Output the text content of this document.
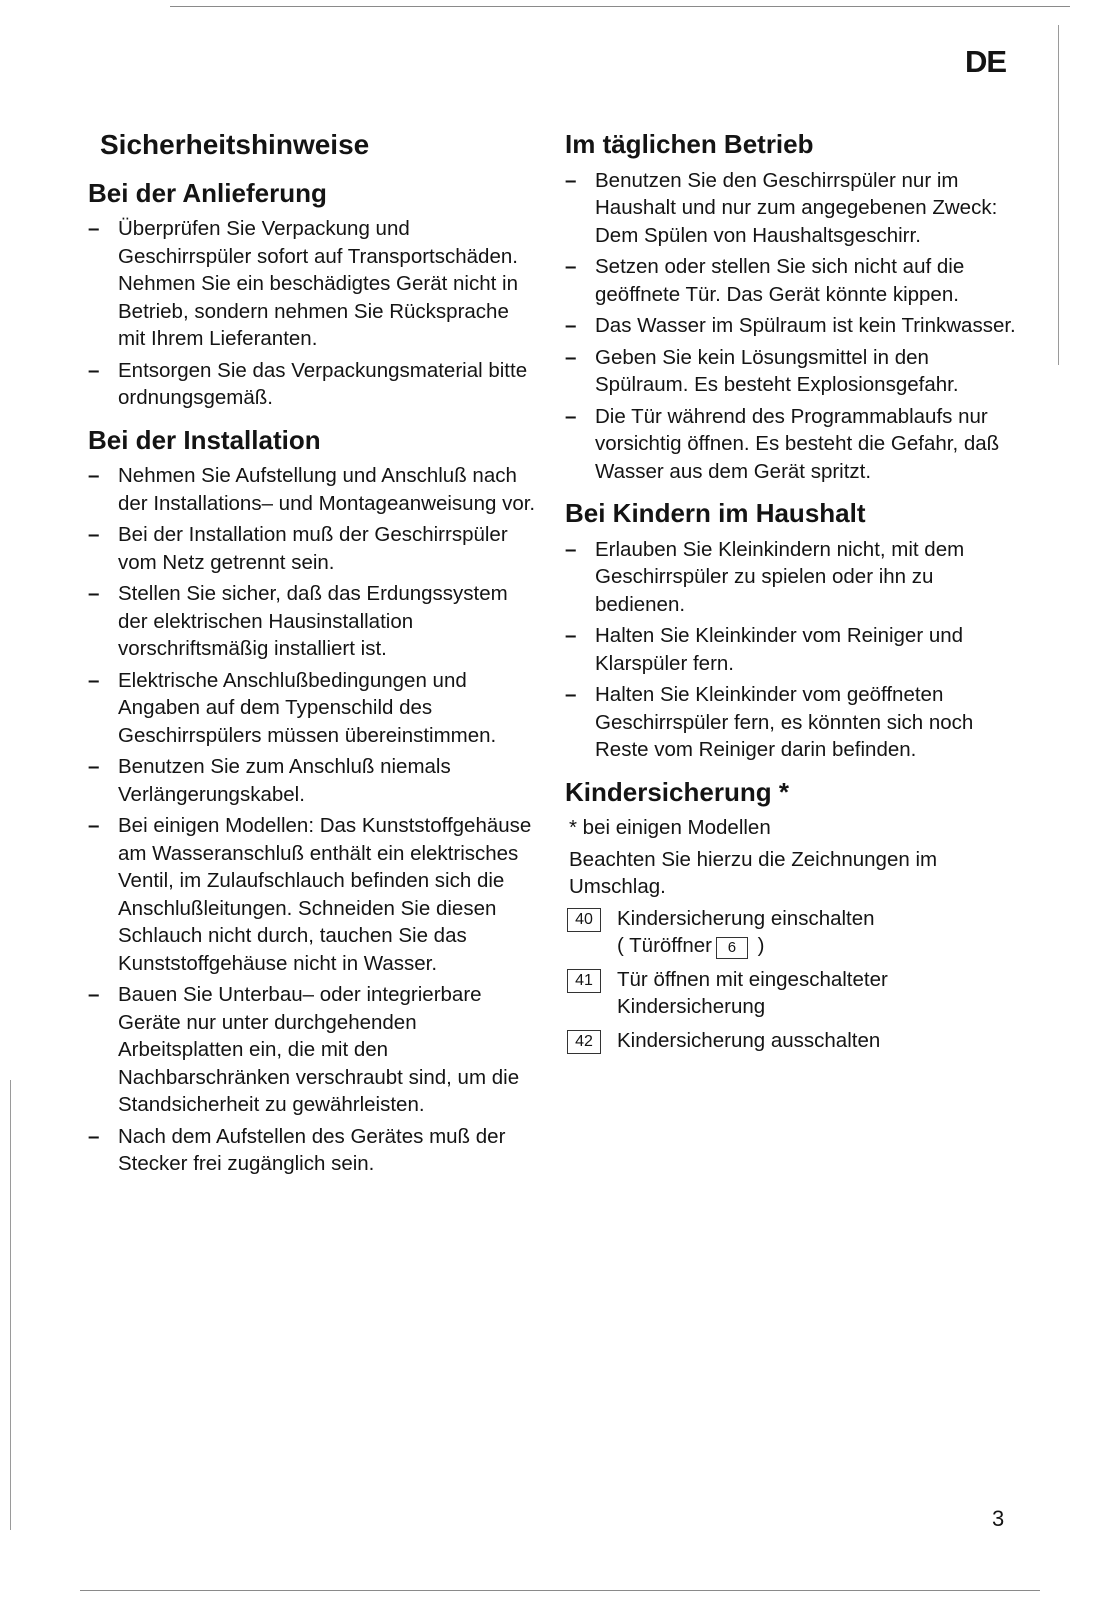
DE
Sicherheitshinweise
Bei der Anlieferung
– Überprüfen Sie Verpackung und Geschirrspüler sofort auf Transportschäden. Nehmen Sie ein beschädigtes Gerät nicht in Betrieb, sondern nehmen Sie Rücksprache mit Ihrem Lieferanten.
– Entsorgen Sie das Verpackungsmaterial bitte ordnungsgemäß.
Bei der Installation
– Nehmen Sie Aufstellung und Anschluß nach der Installations– und Montageanweisung vor.
– Bei der Installation muß der Geschirrspüler vom Netz getrennt sein.
– Stellen Sie sicher, daß das Erdungssystem der elektrischen Hausinstallation vorschriftsmäßig installiert ist.
– Elektrische Anschlußbedingungen und Angaben auf dem Typenschild des Geschirrspülers müssen übereinstimmen.
– Benutzen Sie zum Anschluß niemals Verlängerungskabel.
– Bei einigen Modellen: Das Kunststoffgehäuse am Wasseranschluß enthält ein elektrisches Ventil, im Zulaufschlauch befinden sich die Anschlußleitungen. Schneiden Sie diesen Schlauch nicht durch, tauchen Sie das Kunststoffgehäuse nicht in Wasser.
– Bauen Sie Unterbau– oder integrierbare Geräte nur unter durchgehenden Arbeitsplatten ein, die mit den Nachbarschränken verschraubt sind, um die Standsicherheit zu gewährleisten.
– Nach dem Aufstellen des Gerätes muß der Stecker frei zugänglich sein.
Im täglichen Betrieb
– Benutzen Sie den Geschirrspüler nur im Haushalt und nur zum angegebenen Zweck: Dem Spülen von Haushaltsgeschirr.
– Setzen oder stellen Sie sich nicht auf die geöffnete Tür. Das Gerät könnte kippen.
– Das Wasser im Spülraum ist kein Trinkwasser.
– Geben Sie kein Lösungsmittel in den Spülraum. Es besteht Explosionsgefahr.
– Die Tür während des Programmablaufs nur vorsichtig öffnen. Es besteht die Gefahr, daß Wasser aus dem Gerät spritzt.
Bei Kindern im Haushalt
– Erlauben Sie Kleinkindern nicht, mit dem Geschirrspüler zu spielen oder ihn zu bedienen.
– Halten Sie Kleinkinder vom Reiniger und Klarspüler fern.
– Halten Sie Kleinkinder vom geöffneten Geschirrspüler fern, es könnten sich noch Reste vom Reiniger darin befinden.
Kindersicherung *
* bei einigen Modellen
Beachten Sie hierzu die Zeichnungen im Umschlag.
40	Kindersicherung einschalten
( Türöffner 6 )
41	Tür öffnen mit eingeschalteter Kindersicherung
42	Kindersicherung ausschalten
3
